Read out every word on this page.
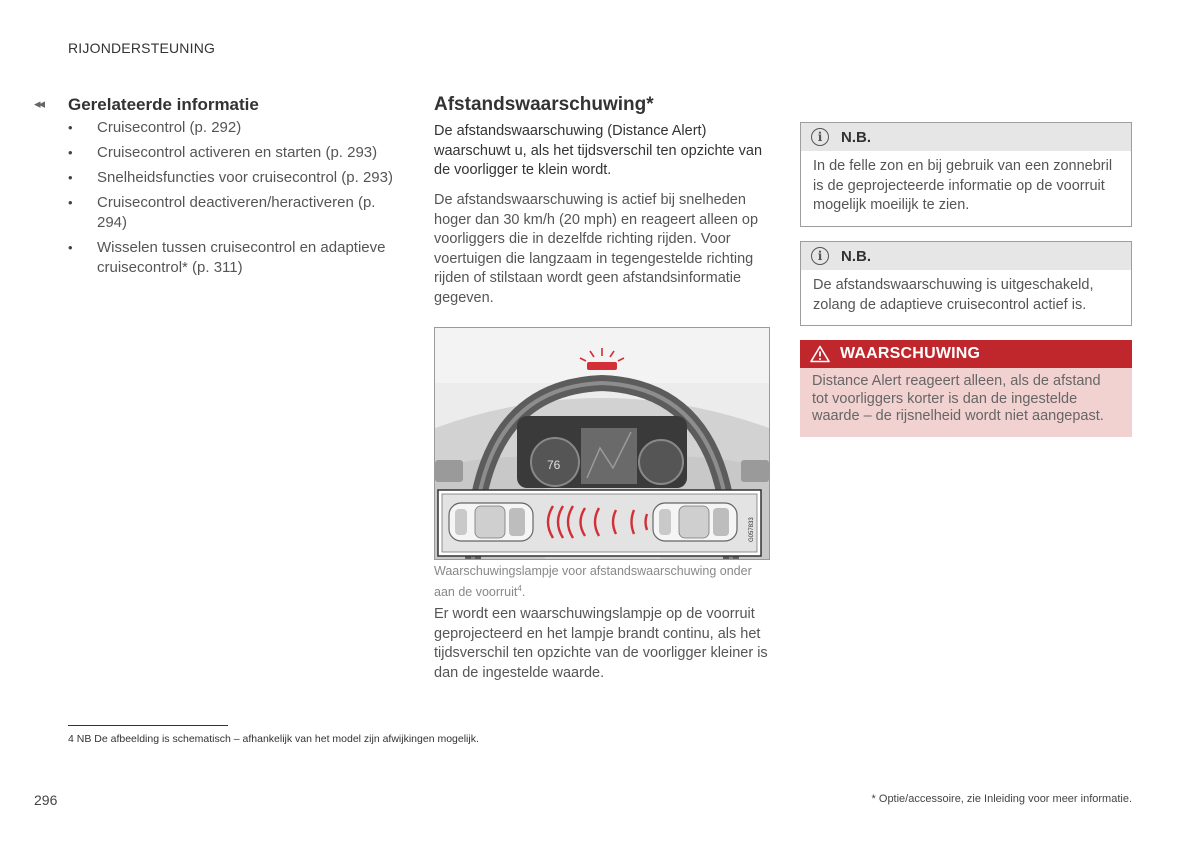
RIJONDERSTEUNING
◂◂ Gerelateerde informatie
• Cruisecontrol (p. 292)
• Cruisecontrol activeren en starten (p. 293)
• Snelheidsfuncties voor cruisecontrol (p. 293)
• Cruisecontrol deactiveren/heractiveren (p. 294)
• Wisselen tussen cruisecontrol en adaptieve cruisecontrol* (p. 311)
Afstandswaarschuwing*
De afstandswaarschuwing (Distance Alert) waarschuwt u, als het tijdsverschil ten opzichte van de voorligger te klein wordt.
De afstandswaarschuwing is actief bij snelheden hoger dan 30 km/h (20 mph) en reageert alleen op voorliggers die in dezelfde richting rijden. Voor voertuigen die langzaam in tegengestelde richting rijden of stilstaan wordt geen afstandsinformatie gegeven.
76
G057833
Waarschuwingslampje voor afstandswaarschuwing onder aan de voorruit$^4$.
Er wordt een waarschuwingslampje op de voorruit geprojecteerd en het lampje brandt continu, als het tijdsverschil ten opzichte van de voorligger kleiner is dan de ingestelde waarde.
i	N.B.
In de felle zon en bij gebruik van een zonnebril is de geprojecteerde informatie op de voorruit mogelijk moeilijk te zien.
i	N.B.
De afstandswaarschuwing is uitgeschakeld, zolang de adaptieve cruisecontrol actief is.
WAARSCHUWING
Distance Alert reageert alleen, als de afstand tot voorliggers korter is dan de ingestelde waarde – de rijsnelheid wordt niet aangepast.
4 NB De afbeelding is schematisch – afhankelijk van het model zijn afwijkingen mogelijk.
296	* Optie/accessoire, zie Inleiding voor meer informatie.
